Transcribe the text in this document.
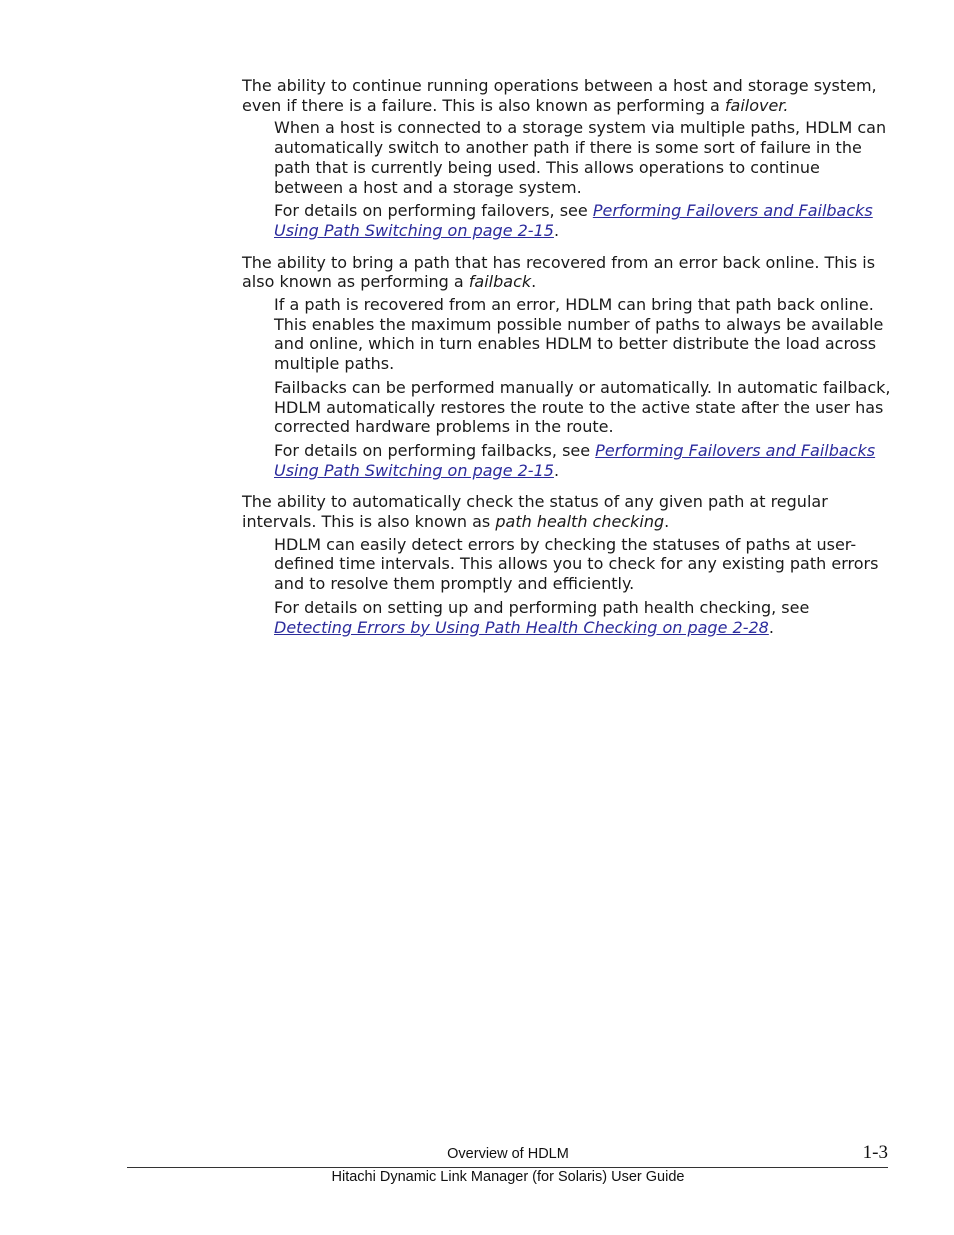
The ability to continue running operations between a host and storage system, even if there is a failure. This is also known as performing a failover.

When a host is connected to a storage system via multiple paths, HDLM can automatically switch to another path if there is some sort of failure in the path that is currently being used. This allows operations to continue between a host and a storage system.

For details on performing failovers, see Performing Failovers and Failbacks Using Path Switching on page 2-15.

The ability to bring a path that has recovered from an error back online. This is also known as performing a failback.

If a path is recovered from an error, HDLM can bring that path back online. This enables the maximum possible number of paths to always be available and online, which in turn enables HDLM to better distribute the load across multiple paths.

Failbacks can be performed manually or automatically. In automatic failback, HDLM automatically restores the route to the active state after the user has corrected hardware problems in the route.

For details on performing failbacks, see Performing Failovers and Failbacks Using Path Switching on page 2-15.

The ability to automatically check the status of any given path at regular intervals. This is also known as path health checking.

HDLM can easily detect errors by checking the statuses of paths at user-defined time intervals. This allows you to check for any existing path errors and to resolve them promptly and efficiently.

For details on setting up and performing path health checking, see Detecting Errors by Using Path Health Checking on page 2-28.

Overview of HDLM	1-3
Hitachi Dynamic Link Manager (for Solaris) User Guide
